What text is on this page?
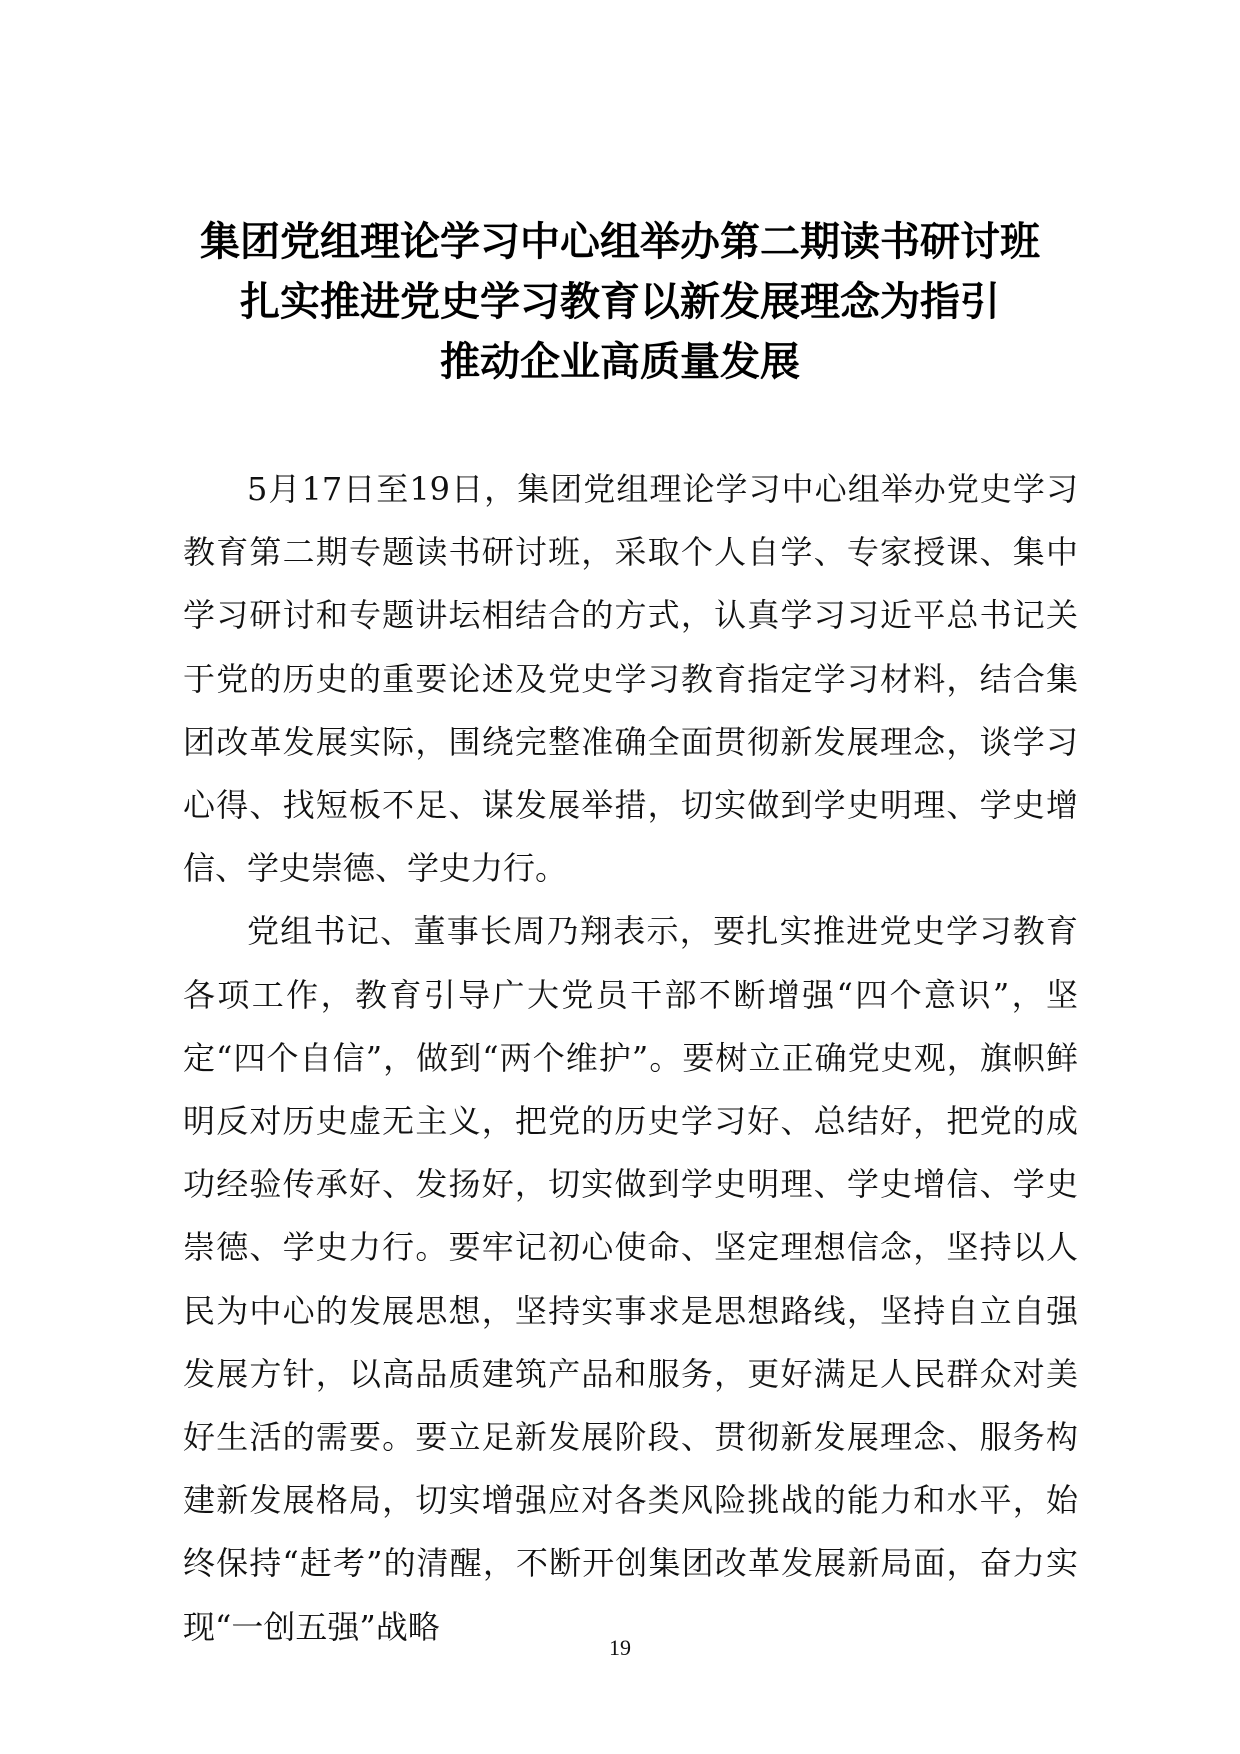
集团党组理论学习中心组举办第二期读书研讨班
扎实推进党史学习教育以新发展理念为指引
推动企业高质量发展

5月17日至19日，集团党组理论学习中心组举办党史学习教育第二期专题读书研讨班，采取个人自学、专家授课、集中学习研讨和专题讲坛相结合的方式，认真学习习近平总书记关于党的历史的重要论述及党史学习教育指定学习材料，结合集团改革发展实际，围绕完整准确全面贯彻新发展理念，谈学习心得、找短板不足、谋发展举措，切实做到学史明理、学史增信、学史崇德、学史力行。

党组书记、董事长周乃翔表示，要扎实推进党史学习教育各项工作，教育引导广大党员干部不断增强“四个意识”，坚定“四个自信”，做到“两个维护”。要树立正确党史观，旗帜鲜明反对历史虚无主义，把党的历史学习好、总结好，把党的成功经验传承好、发扬好，切实做到学史明理、学史增信、学史崇德、学史力行。要牢记初心使命、坚定理想信念，坚持以人民为中心的发展思想，坚持实事求是思想路线，坚持自立自强发展方针，以高品质建筑产品和服务，更好满足人民群众对美好生活的需要。要立足新发展阶段、贯彻新发展理念、服务构建新发展格局，切实增强应对各类风险挑战的能力和水平，始终保持“赶考”的清醒，不断开创集团改革发展新局面，奋力实现“一创五强”战略

19
